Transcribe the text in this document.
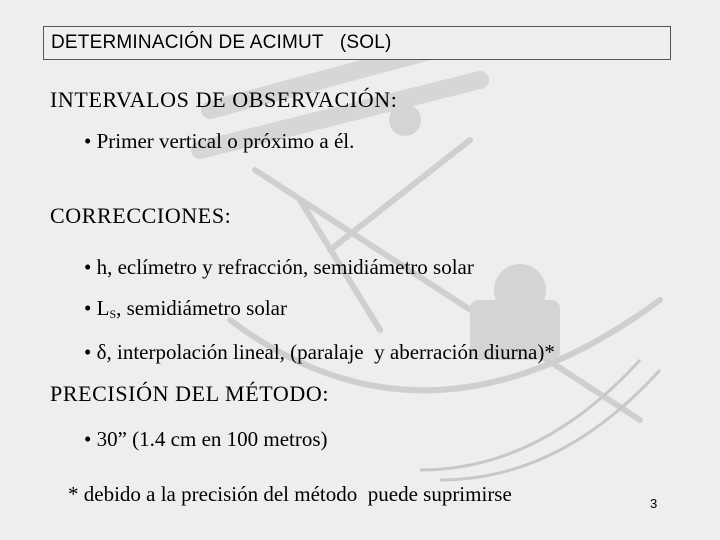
DETERMINACIÓN DE ACIMUT   (SOL)
INTERVALOS DE OBSERVACIÓN:
• Primer vertical o próximo a él.
CORRECCIONES:
• h, eclímetro y refracción, semidiámetro solar
• $L_S$, semidiámetro solar
• δ, interpolación lineal, (paralaje  y aberración diurna)*
PRECISIÓN DEL MÉTODO:
• 30” (1.4 cm en 100 metros)
* debido a la precisión del método  puede suprimirse	3
